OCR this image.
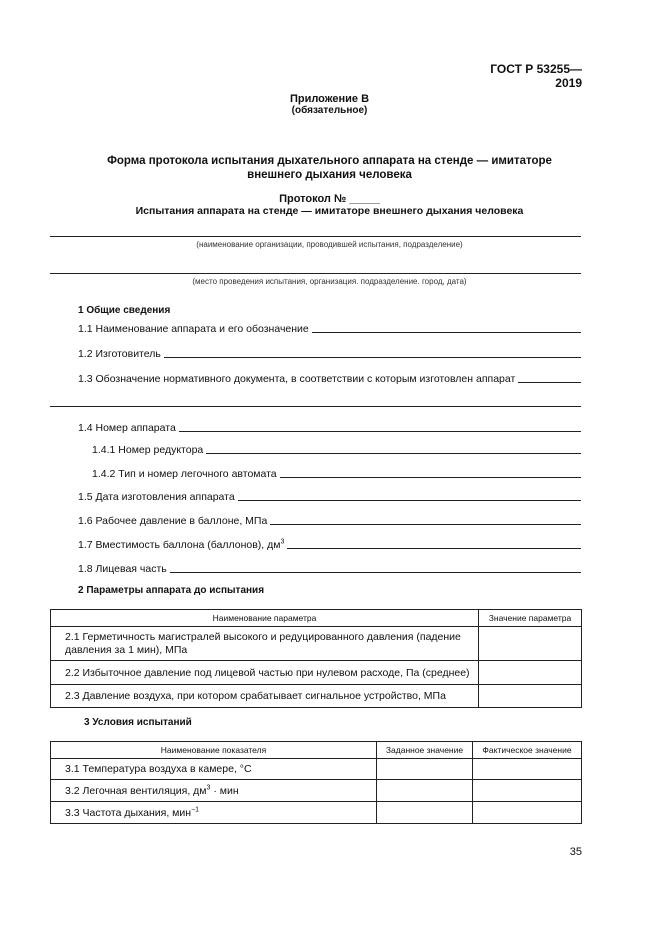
ГОСТ Р 53255—2019
Приложение В
(обязательное)
Форма протокола испытания дыхательного аппарата на стенде — имитаторе внешнего дыхания человека
Протокол № _____
Испытания аппарата на стенде — имитаторе внешнего дыхания человека
(наименование организации, проводившей испытания, подразделение)
(место проведения испытания, организация. подразделение. город, дата)
1 Общие сведения
1.1 Наименование аппарата и его обозначение
1.2 Изготовитель
1.3 Обозначение нормативного документа, в соответствии с которым изготовлен аппарат
1.4 Номер аппарата
1.4.1 Номер редуктора
1.4.2 Тип и номер легочного автомата
1.5 Дата изготовления аппарата
1.6 Рабочее давление в баллоне, МПа
1.7 Вместимость баллона (баллонов), $дм^3$
1.8 Лицевая часть
2 Параметры аппарата до испытания
Наименование параметра	Значение параметра
2.1 Герметичность магистралей высокого и редуцированного давления (падение давления за 1 мин), МПа	
2.2 Избыточное давление под лицевой частью при нулевом расходе, Па (среднее)	
2.3 Давление воздуха, при котором срабатывает сигнальное устройство, МПа	
3 Условия испытаний
Наименование показателя	Заданное значение	Фактическое значение
3.1 Температура воздуха в камере, °С		
3.2 Легочная вентиляция, $дм^3$ · мин		
3.3 Частота дыхания, мин$^{-1}$		
35
